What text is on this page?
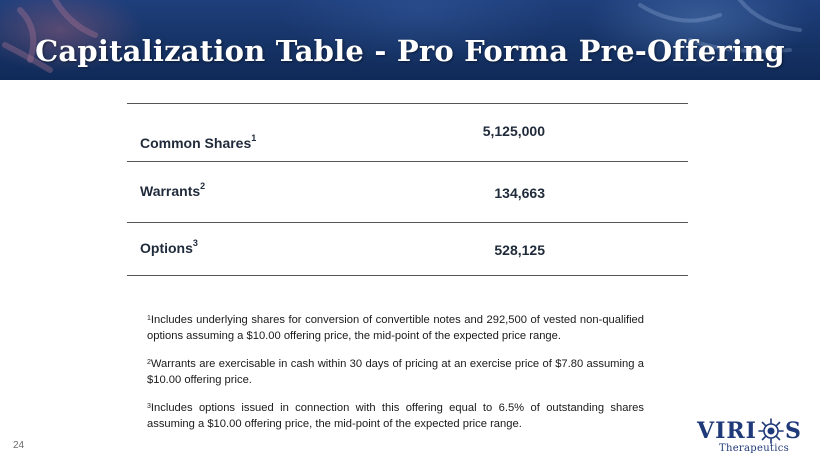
Capitalization Table - Pro Forma Pre-Offering
Common Shares$^1$	5,125,000
Warrants$^2$	134,663
Options$^3$	528,125

$^1$Includes underlying shares for conversion of convertible notes and 292,500 of vested non-qualified options assuming a $10.00 offering price, the mid-point of the expected price range.

$^2$Warrants are exercisable in cash within 30 days of pricing at an exercise price of $7.80 assuming a $10.00 offering price.

$^3$Includes options issued in connection with this offering equal to 6.5% of outstanding shares assuming a $10.00 offering price, the mid-point of the expected price range.

24
VIRI S
Therapeutics
